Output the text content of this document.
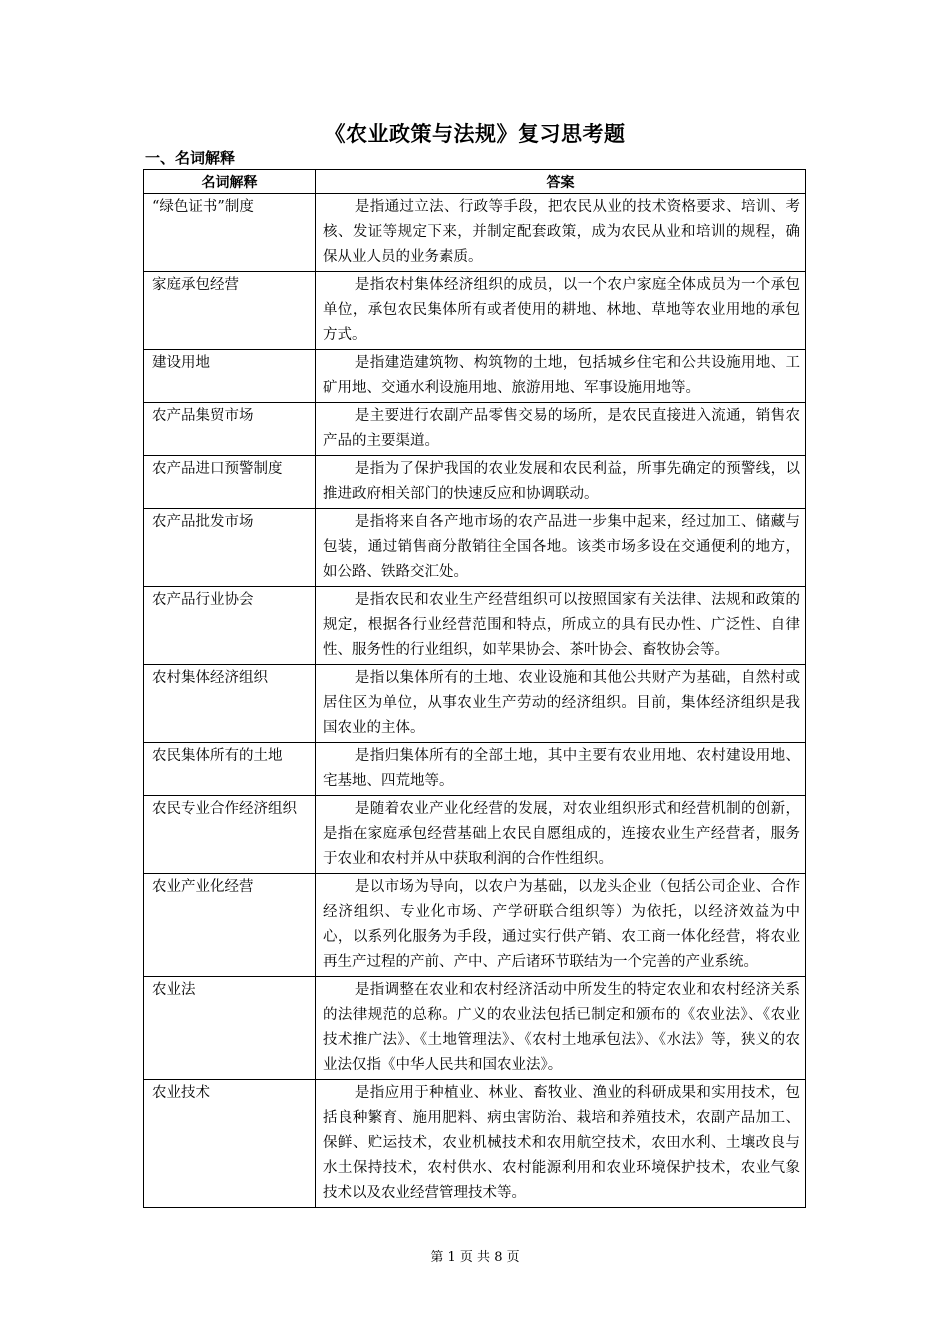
《农业政策与法规》复习思考题
一、名词解释
名词解释	答案
“绿色证书”制度	是指通过立法、行政等手段，把农民从业的技术资格要求、培训、考核、发证等规定下来，并制定配套政策，成为农民从业和培训的规程，确保从业人员的业务素质。
家庭承包经营	是指农村集体经济组织的成员，以一个农户家庭全体成员为一个承包单位，承包农民集体所有或者使用的耕地、林地、草地等农业用地的承包方式。
建设用地	是指建造建筑物、构筑物的土地，包括城乡住宅和公共设施用地、工矿用地、交通水利设施用地、旅游用地、军事设施用地等。
农产品集贸市场	是主要进行农副产品零售交易的场所，是农民直接进入流通，销售农产品的主要渠道。
农产品进口预警制度	是指为了保护我国的农业发展和农民利益，所事先确定的预警线，以推进政府相关部门的快速反应和协调联动。
农产品批发市场	是指将来自各产地市场的农产品进一步集中起来，经过加工、储藏与包装，通过销售商分散销往全国各地。该类市场多设在交通便利的地方，如公路、铁路交汇处。
农产品行业协会	是指农民和农业生产经营组织可以按照国家有关法律、法规和政策的规定，根据各行业经营范围和特点，所成立的具有民办性、广泛性、自律性、服务性的行业组织，如苹果协会、茶叶协会、畜牧协会等。
农村集体经济组织	是指以集体所有的土地、农业设施和其他公共财产为基础，自然村或居住区为单位，从事农业生产劳动的经济组织。目前，集体经济组织是我国农业的主体。
农民集体所有的土地	是指归集体所有的全部土地，其中主要有农业用地、农村建设用地、宅基地、四荒地等。
农民专业合作经济组织	是随着农业产业化经营的发展，对农业组织形式和经营机制的创新，是指在家庭承包经营基础上农民自愿组成的，连接农业生产经营者，服务于农业和农村并从中获取利润的合作性组织。
农业产业化经营	是以市场为导向，以农户为基础，以龙头企业（包括公司企业、合作经济组织、专业化市场、产学研联合组织等）为依托，以经济效益为中心，以系列化服务为手段，通过实行供产销、农工商一体化经营，将农业再生产过程的产前、产中、产后诸环节联结为一个完善的产业系统。
农业法	是指调整在农业和农村经济活动中所发生的特定农业和农村经济关系的法律规范的总称。广义的农业法包括已制定和颁布的《农业法》、《农业技术推广法》、《土地管理法》、《农村土地承包法》、《水法》等，狭义的农业法仅指《中华人民共和国农业法》。
农业技术	是指应用于种植业、林业、畜牧业、渔业的科研成果和实用技术，包括良种繁育、施用肥料、病虫害防治、栽培和养殖技术，农副产品加工、保鲜、贮运技术，农业机械技术和农用航空技术，农田水利、土壤改良与水土保持技术，农村供水、农村能源利用和农业环境保护技术，农业气象技术以及农业经营管理技术等。
第 1 页 共 8 页
